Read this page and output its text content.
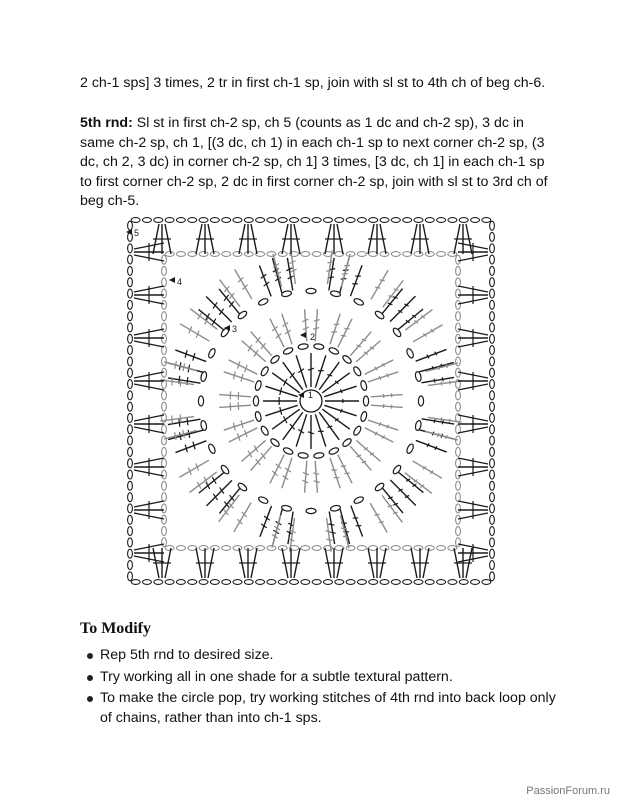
2 ch-1 sps] 3 times, 2 tr in first ch-1 sp, join with sl st to 4th ch of beg ch-6.
5th rnd: Sl st in first ch-2 sp, ch 5 (counts as 1 dc and ch-2 sp), 3 dc in same ch-2 sp, ch 1, [(3 dc, ch 1) in each ch-1 sp to next corner ch-2 sp, (3 dc, ch 2, 3 dc) in corner ch-2 sp, ch 1] 3 times, [3 dc, ch 1] in each ch-1 sp to first corner ch-2 sp, 2 dc in first corner ch-2 sp, join with sl st to 3rd ch of beg ch-5.
1
2
3
4
5
To Modify
Rep 5th rnd to desired size.
Try working all in one shade for a subtle textural pattern.
To make the circle pop, try working stitches of 4th rnd into back loop only of chains, rather than into ch-1 sps.
PassionForum.ru
